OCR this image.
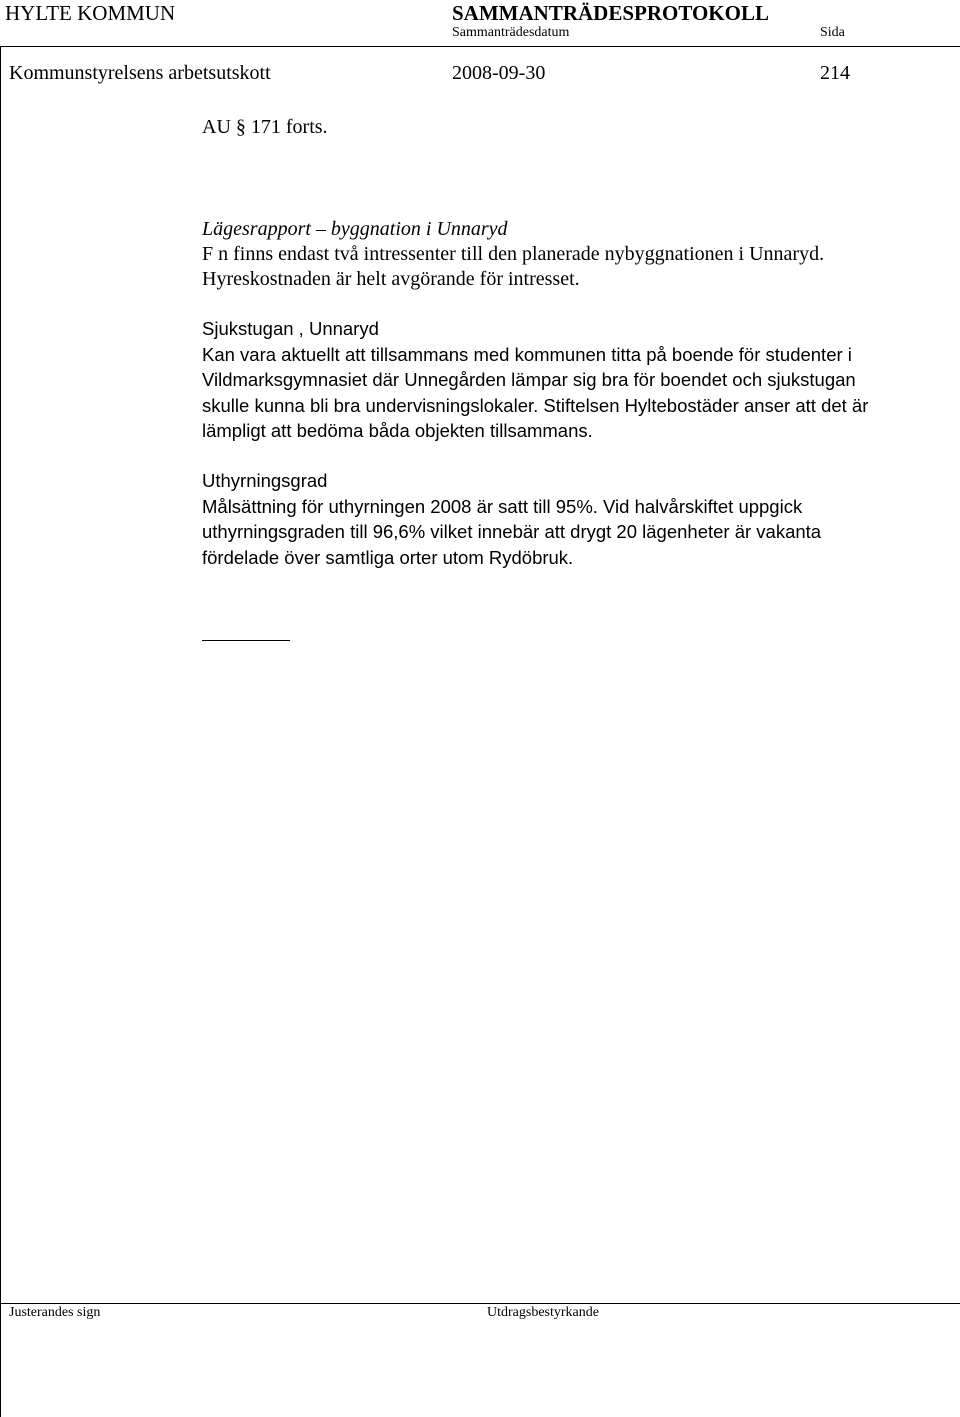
HYLTE KOMMUN	SAMMANTRÄDESPROTOKOLL
Sammanträdesdatum	Sida
Kommunstyrelsens arbetsutskott	2008-09-30	214
AU § 171 forts.
Lägesrapport – byggnation i Unnaryd
F n finns endast två intressenter till den planerade nybyggnationen i Unnaryd.
Hyreskostnaden är helt avgörande för intresset.
Sjukstugan , Unnaryd
Kan vara aktuellt att tillsammans med kommunen titta på boende för studenter i
Vildmarksgymnasiet där Unnegården lämpar sig bra för boendet och sjukstugan
skulle kunna bli bra undervisningslokaler. Stiftelsen Hyltebostäder anser att det är
lämpligt att bedöma båda objekten tillsammans.
Uthyrningsgrad
Målsättning för uthyrningen 2008 är satt till 95%. Vid halvårskiftet uppgick
uthyrningsgraden till 96,6% vilket innebär att drygt 20 lägenheter är vakanta
fördelade över samtliga orter utom Rydöbruk.
Justerandes sign	Utdragsbestyrkande
